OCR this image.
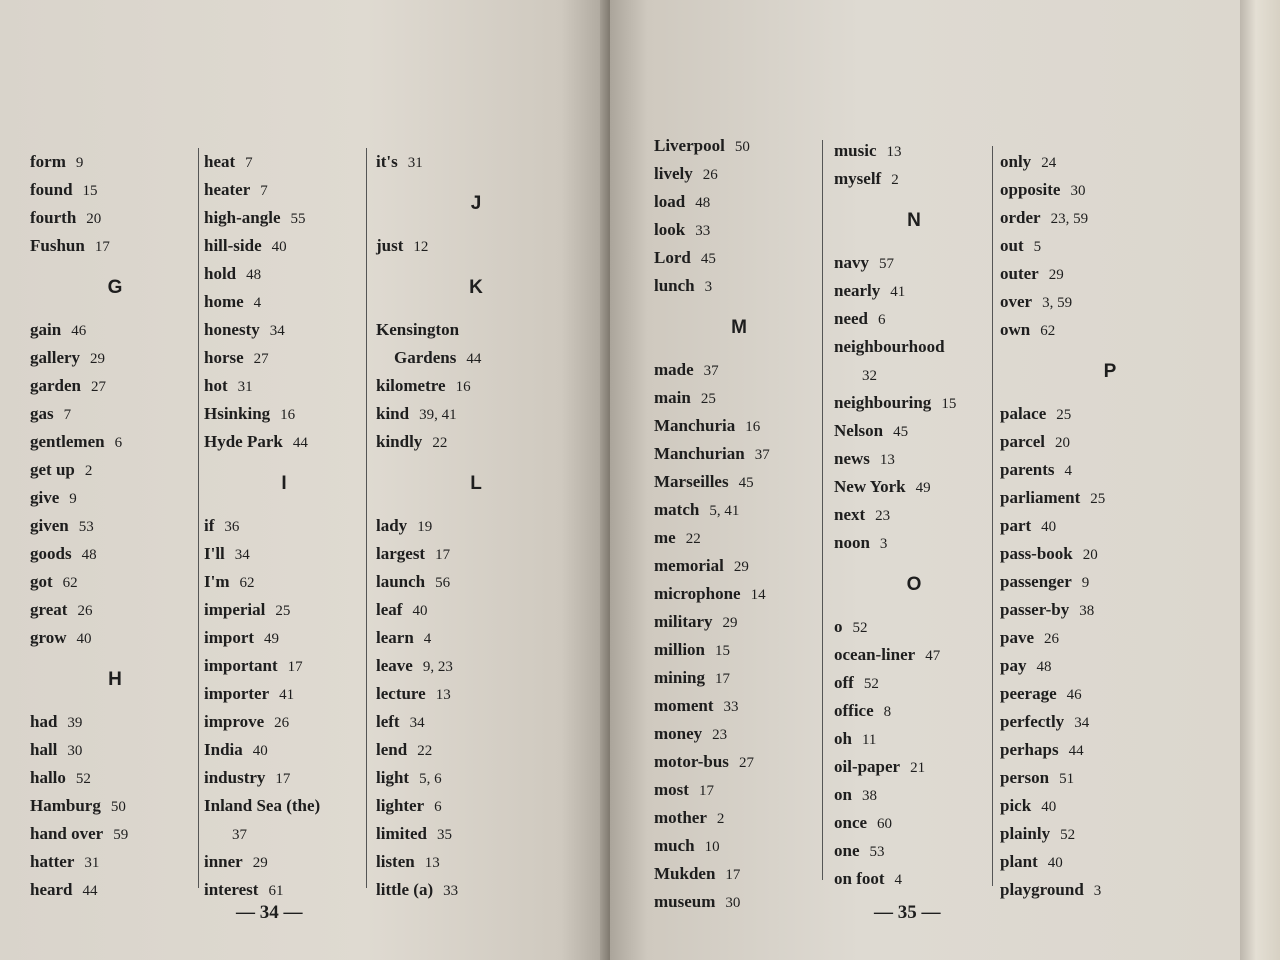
form 9
found 15
fourth 20
Fushun 17
G
gain 46
gallery 29
garden 27
gas 7
gentlemen 6
get up 2
give 9
given 53
goods 48
got 62
great 26
grow 40
H
had 39
hall 30
hallo 52
Hamburg 50
hand over 59
hatter 31
heard 44
heat 7
heater 7
high-angle 55
hill-side 40
hold 48
home 4
honesty 34
horse 27
hot 31
Hsinking 16
Hyde Park 44
I
if 36
I'll 34
I'm 62
imperial 25
import 49
important 17
importer 41
improve 26
India 40
industry 17
Inland Sea (the)
37
inner 29
interest 61
it's 31
J
just 12
K
Kensington
Gardens 44
kilometre 16
kind 39, 41
kindly 22
L
lady 19
largest 17
launch 56
leaf 40
learn 4
leave 9, 23
lecture 13
left 34
lend 22
light 5, 6
lighter 6
limited 35
listen 13
little (a) 33
— 34 —
Liverpool 50
lively 26
load 48
look 33
Lord 45
lunch 3
M
made 37
main 25
Manchuria 16
Manchurian 37
Marseilles 45
match 5, 41
me 22
memorial 29
microphone 14
military 29
million 15
mining 17
moment 33
money 23
motor-bus 27
most 17
mother 2
much 10
Mukden 17
museum 30
music 13
myself 2
N
navy 57
nearly 41
need 6
neighbourhood
32
neighbouring 15
Nelson 45
news 13
New York 49
next 23
noon 3
O
o 52
ocean-liner 47
off 52
office 8
oh 11
oil-paper 21
on 38
once 60
one 53
on foot 4
only 24
opposite 30
order 23, 59
out 5
outer 29
over 3, 59
own 62
P
palace 25
parcel 20
parents 4
parliament 25
part 40
pass-book 20
passenger 9
passer-by 38
pave 26
pay 48
peerage 46
perfectly 34
perhaps 44
person 51
pick 40
plainly 52
plant 40
playground 3
— 35 —
